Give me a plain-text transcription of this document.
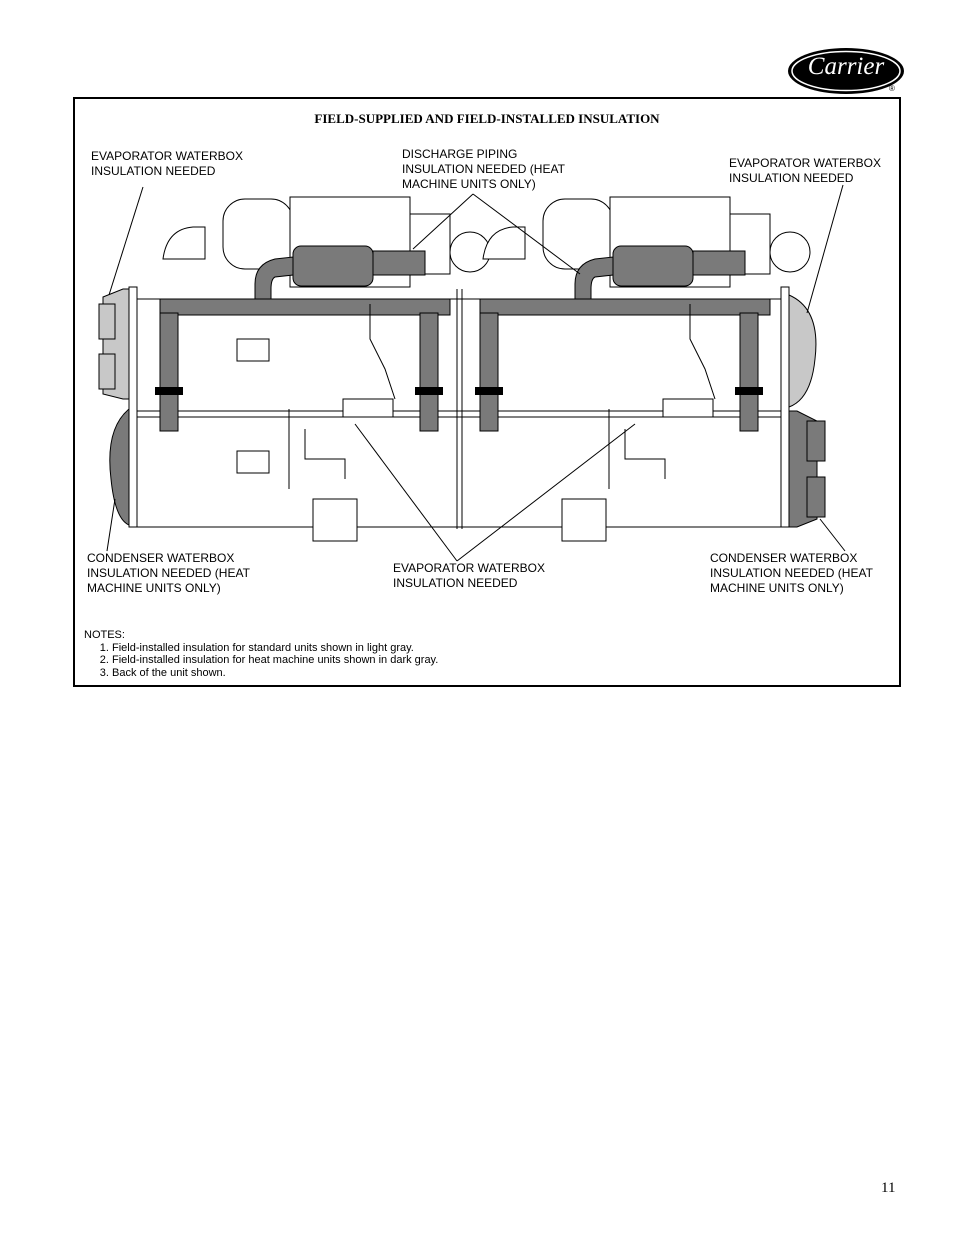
Carrier
®
FIELD-SUPPLIED AND FIELD-INSTALLED INSULATION
EVAPORATOR WATERBOX
INSULATION NEEDED
DISCHARGE PIPING
INSULATION NEEDED (HEAT
MACHINE UNITS ONLY)
EVAPORATOR WATERBOX
INSULATION NEEDED
CONDENSER WATERBOX
INSULATION NEEDED (HEAT
MACHINE UNITS ONLY)
EVAPORATOR WATERBOX
INSULATION NEEDED
CONDENSER WATERBOX
INSULATION NEEDED (HEAT
MACHINE UNITS ONLY)
NOTES:
1. Field-installed insulation for standard units shown in light gray.
2. Field-installed insulation for heat machine units shown in dark gray.
3. Back of the unit shown.
11
